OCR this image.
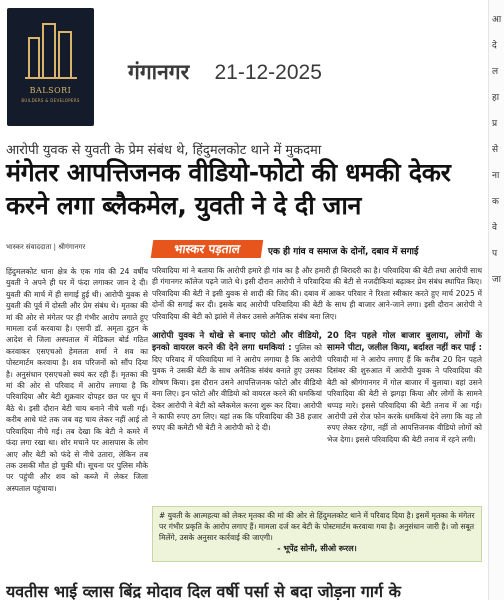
BALSORI
BUILDERS & DEVELOPERS
गंगानगर 21-12-2025
आ
दे
ल
हा
प्र
से
ना
क
वे
प
जा
आरोपी युवक से युवती के प्रेम संबंध थे, हिंदुमलकोट थाने में मुकदमा
मंगेतर आपत्तिजनक वीडियो-फोटो की धमकी देकर करने लगा ब्लैकमेल, युवती ने दे दी जान
भास्कर संवाददाता | श्रीगंगानगर	भास्कर पड़ताल	एक ही गांव व समाज के दोनों, दबाव में सगाई
हिंदुमलकोट थाना क्षेत्र के एक गांव की 24 वर्षीय युवती ने अपने ही घर में फंदा लगाकर जान दे दी। युवती की मार्च में ही सगाई हुई थी। आरोपी युवक से युवती की पूर्व में दोस्ती और प्रेम संबंध थे। मृतका की मां की ओर से मंगेतर पर ही गंभीर आरोप लगाते हुए मामला दर्ज करवाया है। एसपी डॉ. अमृता दुहन के आदेश से जिला अस्पताल में मेडिकल बोर्ड गठित करवाकर एसएचओ हेमलता शर्मा ने शव का पोस्टमार्टम करवाया है। शव परिजनों को सौंप दिया है। अनुसंधान एसएचओ स्वयं कर रही हैं। मृतका की मां की ओर से परिवाद में आरोप लगाया है कि परिवादिया और बेटी शुक्रवार दोपहर छत पर धूप में बैठे थे। इसी दौरान बेटी चाय बनाने नीचे चली गई। करीब आधे घंटे तक जब वह चाय लेकर नहीं आई तो परिवादिया नीचे गई। तब देखा कि बेटी ने कमरे में फंदा लगा रखा था। शोर मचाने पर आसपास के लोग आए और बेटी को फंदे से नीचे उतारा, लेकिन तब तक उसकी मौत हो चुकी थी। सूचना पर पुलिस मौके पर पहुंची और शव को कब्जे में लेकर जिला अस्पताल पहुंचाया।
परिवादिया मां ने बताया कि आरोपी हमारे ही गांव का है और हमारी ही बिरादरी का है। परिवादिया की बेटी तथा आरोपी साथ ही गंगानगर कॉलेज पढ़ने जाते थे। इसी दौरान आरोपी ने परिवादिया की बेटी से नजदीकियां बढ़ाकर प्रेम संबंध स्थापित किए। परिवादिया की बेटी ने इसी युवक से शादी की जिद की। दबाव में आकर परिवार ने रिश्ता स्वीकार करते हुए मार्च 2025 में दोनों की सगाई कर दी। इसके बाद आरोपी परिवादिया की बेटी के साथ ही बाजार आने-जाने लगा। इसी दौरान आरोपी ने परिवादिया की बेटी को झांसे में लेकर उससे अनैतिक संबंध बना लिए।
आरोपी युवक ने धोखे से बनाए फोटो और वीडियो, इनको वायरल करने की देने लगा धमकियां : पुलिस को दिए परिवाद में परिवादिया मां ने आरोप लगाया है कि आरोपी युवक ने उसकी बेटी के साथ अनैतिक संबंध बनाते हुए उसका शोषण किया। इस दौरान उसने आपत्तिजनक फोटो और वीडियो बना लिए। इन फोटो और वीडियो को वायरल करने की धमकियां देकर आरोपी ने बेटी को ब्लैकमेल करना शुरू कर दिया। आरोपी ने काफी रुपए ठग लिए। यहां तक कि परिवादिया की 38 हजार रुपए की कमेटी भी बेटी ने आरोपी को दे दी।
20 दिन पहले गोल बाजार बुलाया, लोगों के सामने पीटा, जलील किया, बर्दाश्त नहीं कर पाई : परिवादी मां ने आरोप लगाए हैं कि करीब 20 दिन पहले दिसंबर की शुरुआत में आरोपी युवक ने परिवादिया की बेटी को श्रीगंगानगर में गोल बाजार में बुलाया। वहां उसने परिवादिया की बेटी से झगड़ा किया और लोगों के सामने थप्पड़ मारे। इससे परिवादिया की बेटी तनाव में आ गई। आरोपी उसे रोज फोन करके धमकियां देने लगा कि वह तो रुपए लेकर रहेगा, नहीं तो आपत्तिजनक वीडियो लोगों को भेज देगा। इससे परिवादिया की बेटी तनाव में रहने लगी।
# युवती के आत्महत्या को लेकर मृतका की मां की ओर से हिंदुमलकोट थाने में परिवाद दिया है। इसमें मृतका के मंगेतर पर गंभीर प्रकृति के आरोप लगाए हैं। मामला दर्ज कर बेटी के पोस्टमार्टम करवाया गया है। अनुसंधान जारी है। जो सबूत मिलेंगे, उसके अनुसार कार्रवाई की जाएगी।
- भूपेंद्र सोनी, सीओ रूरल।
यवतीस भाई व्लास बिंद्र मोदाव दिल वर्षी पर्सा से बदा जोड़ना गार्ग के
